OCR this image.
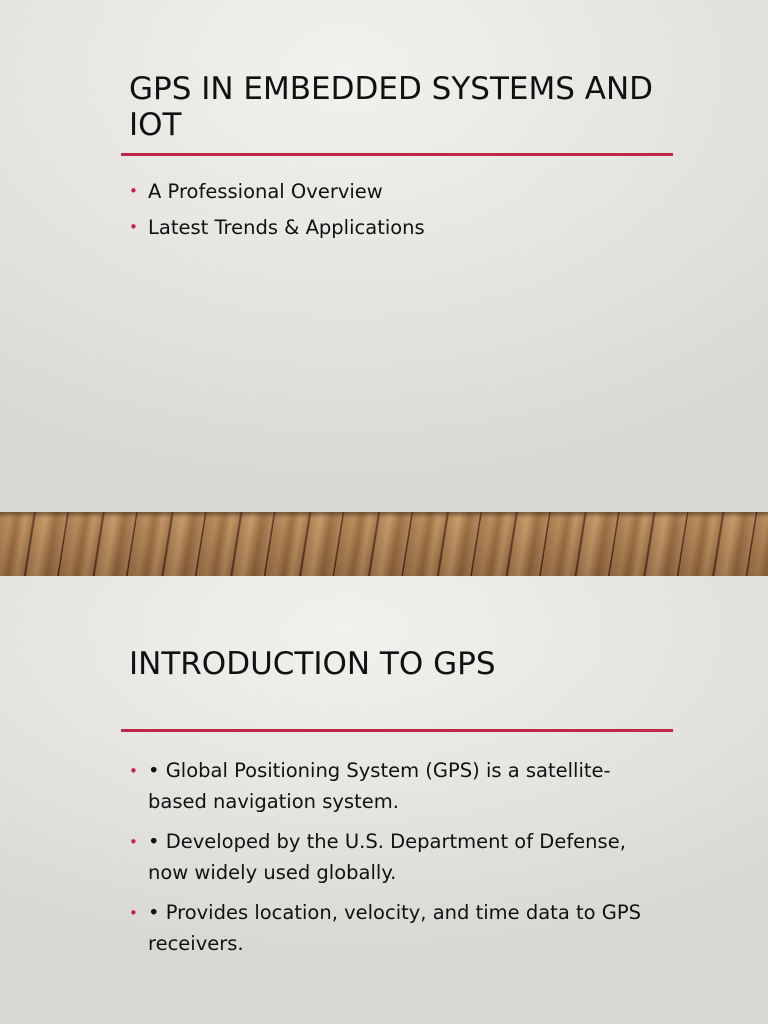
GPS IN EMBEDDED SYSTEMS AND IOT
• A Professional Overview
• Latest Trends & Applications
INTRODUCTION TO GPS
• • Global Positioning System (GPS) is a satellite-based navigation system.
• • Developed by the U.S. Department of Defense, now widely used globally.
• • Provides location, velocity, and time data to GPS receivers.
